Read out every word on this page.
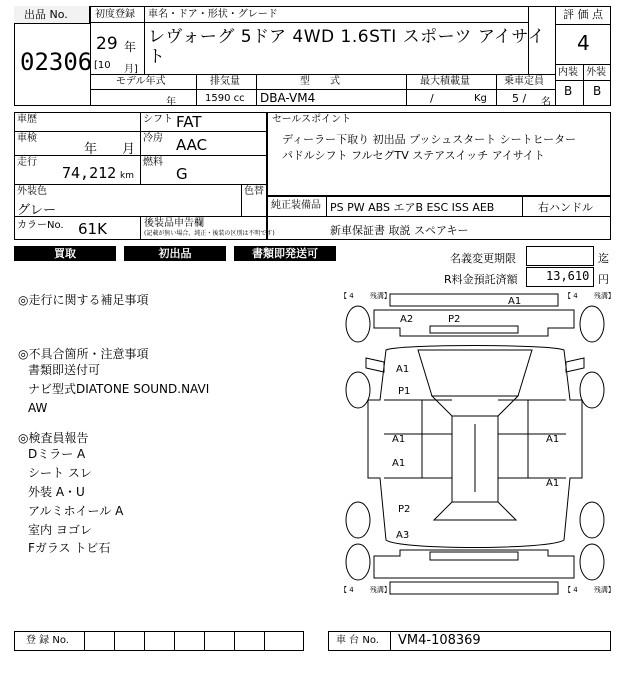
出品 No.
02306
初度登録
29 年
[10 月]
車名・ドア・形状・グレード
レヴォーグ 5ドア 4WD 1.6STI スポーツ アイサイ
ト
評 価 点
4
内装 外装
B B
モデル年式
年
排気量
1590 cc
型　　式
DBA-VM4
最大積載量
/	Kg
乗車定員
5 / 名
車歴	シフト FAT
車検
年 月
冷房 AAC
走行
74,212 km
燃料
G
外装色
グレー
色替
カラーNo. 61K	後装品申告欄
(記載が無い場合、純正・後装の区別は不明です)
セールスポイント
ディーラー下取り 初出品 プッシュスタート シートヒーター
パドルシフト フルセグTV ステアスイッチ アイサイト
純正装備品 PS PW ABS エアB ESC ISS AEB	右ハンドル
新車保証書 取説 スペアキー
買取	初出品	書類即発送可	名義変更期限	迄
R料金預託済額 13,610 円
◎走行に関する補足事項
◎不具合箇所・注意事項
書類即送付可
ナビ型式DIATONE SOUND.NAVI
AW
◎検査員報告
Dミラー A
シート スレ
外装 A・U
アルミホイール A
室内 ヨゴレ
Fガラス トビ石
【 4 　　残溝】	【 4 　　残溝】
【 4 　　残溝】	【 4 　　残溝】
A1
A2	P2
A1
P1
A1
A1
A1
A1
P2
A3
登 録 No.	車 台 No. VM4-108369
